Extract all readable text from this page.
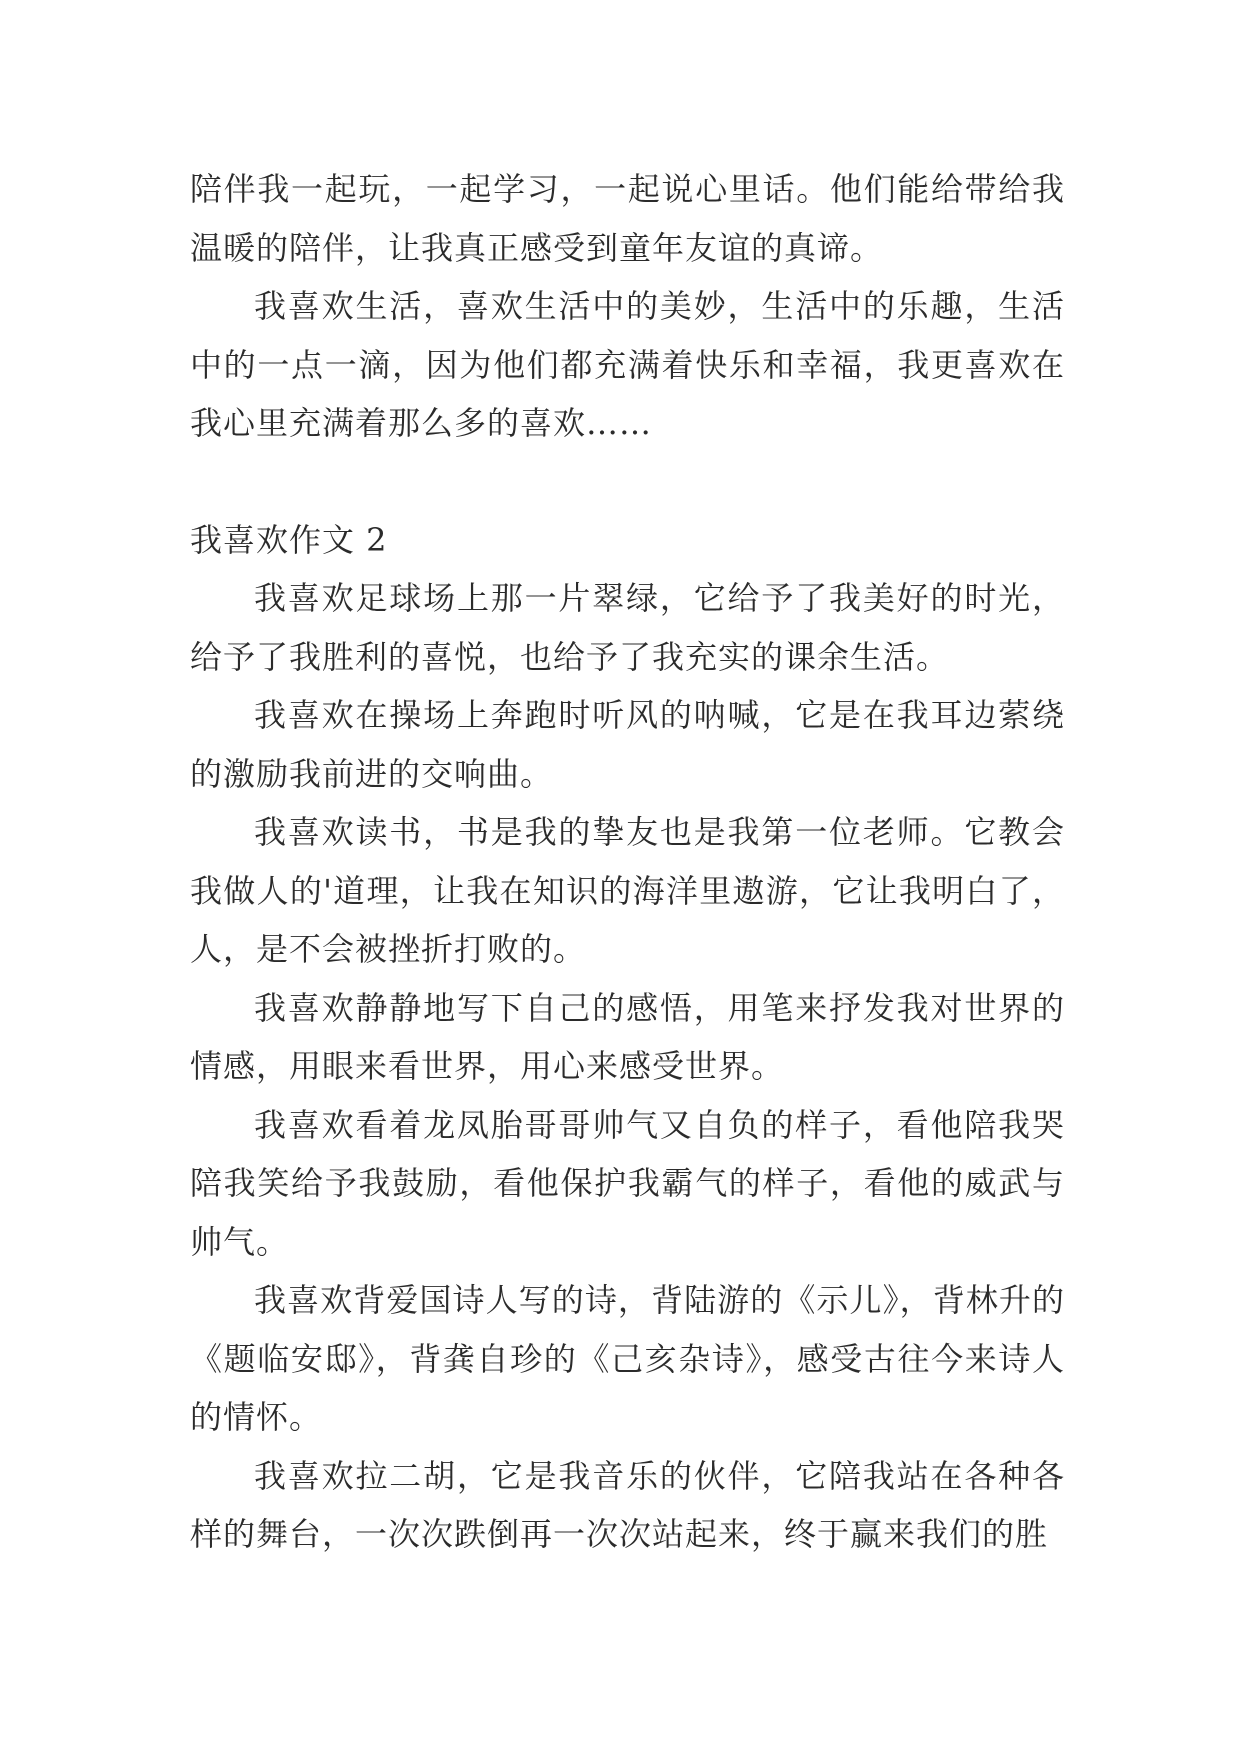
陪伴我一起玩，一起学习，一起说心里话。他们能给带给我温暖的陪伴，让我真正感受到童年友谊的真谛。

我喜欢生活，喜欢生活中的美妙，生活中的乐趣，生活中的一点一滴，因为他们都充满着快乐和幸福，我更喜欢在我心里充满着那么多的喜欢……

我喜欢作文 2

我喜欢足球场上那一片翠绿，它给予了我美好的时光，给予了我胜利的喜悦，也给予了我充实的课余生活。

我喜欢在操场上奔跑时听风的呐喊，它是在我耳边萦绕的激励我前进的交响曲。

我喜欢读书，书是我的挚友也是我第一位老师。它教会我做人的'道理，让我在知识的海洋里遨游，它让我明白了，人，是不会被挫折打败的。

我喜欢静静地写下自己的感悟，用笔来抒发我对世界的情感，用眼来看世界，用心来感受世界。

我喜欢看着龙凤胎哥哥帅气又自负的样子，看他陪我哭陪我笑给予我鼓励，看他保护我霸气的样子，看他的威武与帅气。

我喜欢背爱国诗人写的诗，背陆游的《示儿》，背林升的《题临安邸》，背龚自珍的《己亥杂诗》，感受古往今来诗人的情怀。

我喜欢拉二胡，它是我音乐的伙伴，它陪我站在各种各样的舞台，一次次跌倒再一次次站起来，终于赢来我们的胜
